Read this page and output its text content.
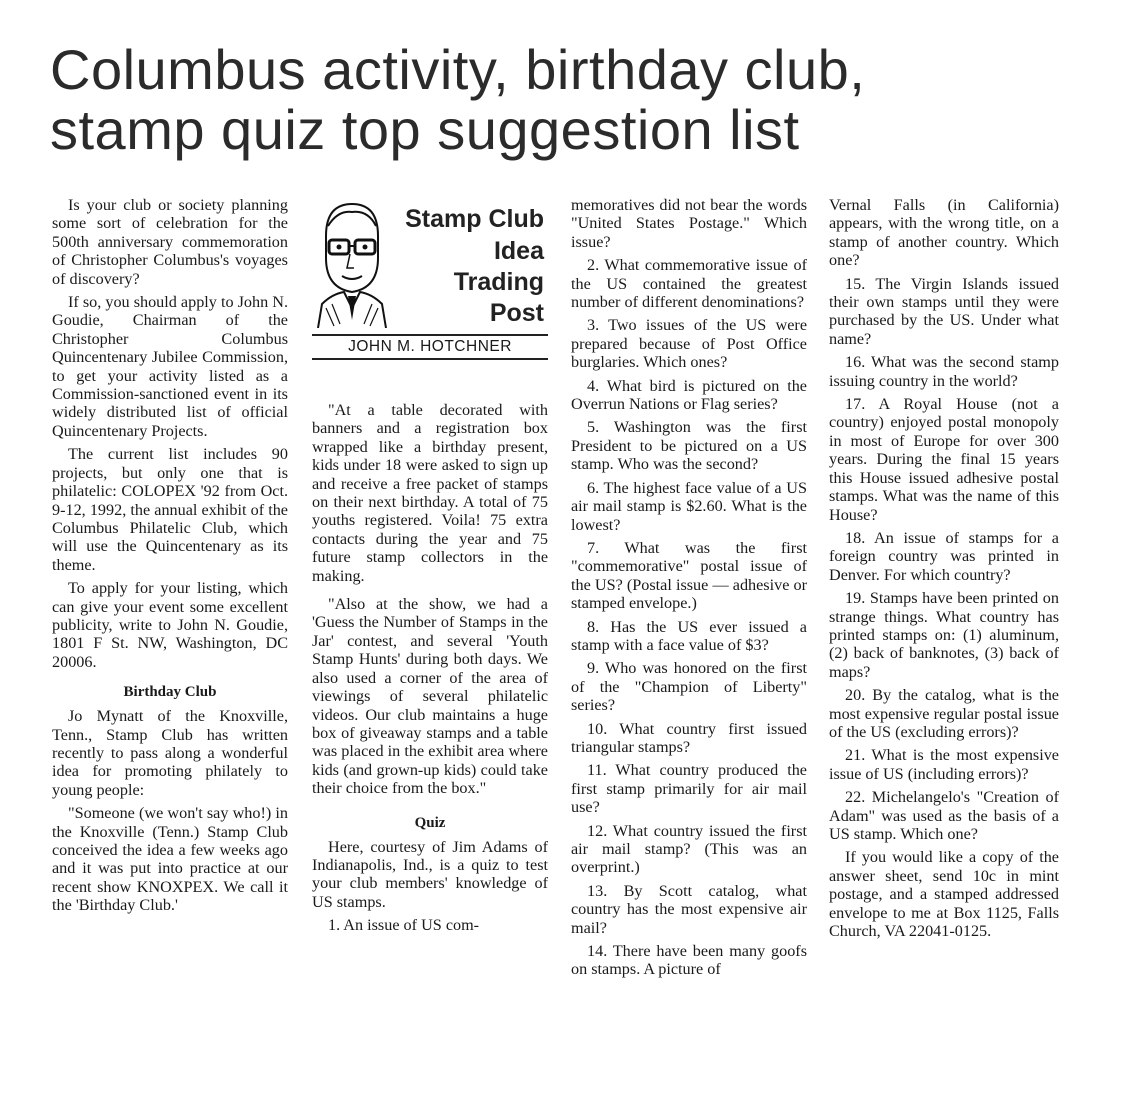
Columbus activity, birthday club,
stamp quiz top suggestion list

Is your club or society planning some sort of celebration for the 500th anniversary commemoration of Christopher Columbus's voyages of discovery?

If so, you should apply to John N. Goudie, Chairman of the Christopher Columbus Quincentenary Jubilee Commission, to get your activity listed as a Commission-sanctioned event in its widely distributed list of official Quincentenary Projects.

The current list includes 90 projects, but only one that is philatelic: COLOPEX '92 from Oct. 9-12, 1992, the annual exhibit of the Columbus Philatelic Club, which will use the Quincentenary as its theme.

To apply for your listing, which can give your event some excellent publicity, write to John N. Goudie, 1801 F St. NW, Washington, DC 20006.

Birthday Club

Jo Mynatt of the Knoxville, Tenn., Stamp Club has written recently to pass along a wonderful idea for promoting philately to young people:

"Someone (we won't say who!) in the Knoxville (Tenn.) Stamp Club conceived the idea a few weeks ago and it was put into practice at our recent show KNOXPEX. We call it the 'Birthday Club.'

Stamp Club
Idea
Trading
Post
JOHN M. HOTCHNER

"At a table decorated with banners and a registration box wrapped like a birthday present, kids under 18 were asked to sign up and receive a free packet of stamps on their next birthday. A total of 75 youths registered. Voila! 75 extra contacts during the year and 75 future stamp collectors in the making.

"Also at the show, we had a 'Guess the Number of Stamps in the Jar' contest, and several 'Youth Stamp Hunts' during both days. We also used a corner of the area of viewings of several philatelic videos. Our club maintains a huge box of giveaway stamps and a table was placed in the exhibit area where kids (and grown-up kids) could take their choice from the box."

Quiz

Here, courtesy of Jim Adams of Indianapolis, Ind., is a quiz to test your club members' knowledge of US stamps.

1. An issue of US com-

memoratives did not bear the words "United States Postage." Which issue?

2. What commemorative issue of the US contained the greatest number of different denominations?

3. Two issues of the US were prepared because of Post Office burglaries. Which ones?

4. What bird is pictured on the Overrun Nations or Flag series?

5. Washington was the first President to be pictured on a US stamp. Who was the second?

6. The highest face value of a US air mail stamp is $2.60. What is the lowest?

7. What was the first "commemorative" postal issue of the US? (Postal issue — adhesive or stamped envelope.)

8. Has the US ever issued a stamp with a face value of $3?

9. Who was honored on the first of the "Champion of Liberty" series?

10. What country first issued triangular stamps?

11. What country produced the first stamp primarily for air mail use?

12. What country issued the first air mail stamp? (This was an overprint.)

13. By Scott catalog, what country has the most expensive air mail?

14. There have been many goofs on stamps. A picture of

Vernal Falls (in California) appears, with the wrong title, on a stamp of another country. Which one?

15. The Virgin Islands issued their own stamps until they were purchased by the US. Under what name?

16. What was the second stamp issuing country in the world?

17. A Royal House (not a country) enjoyed postal monopoly in most of Europe for over 300 years. During the final 15 years this House issued adhesive postal stamps. What was the name of this House?

18. An issue of stamps for a foreign country was printed in Denver. For which country?

19. Stamps have been printed on strange things. What country has printed stamps on: (1) aluminum, (2) back of banknotes, (3) back of maps?

20. By the catalog, what is the most expensive regular postal issue of the US (excluding errors)?

21. What is the most expensive issue of US (including errors)?

22. Michelangelo's "Creation of Adam" was used as the basis of a US stamp. Which one?

If you would like a copy of the answer sheet, send 10c in mint postage, and a stamped addressed envelope to me at Box 1125, Falls Church, VA 22041-0125.
